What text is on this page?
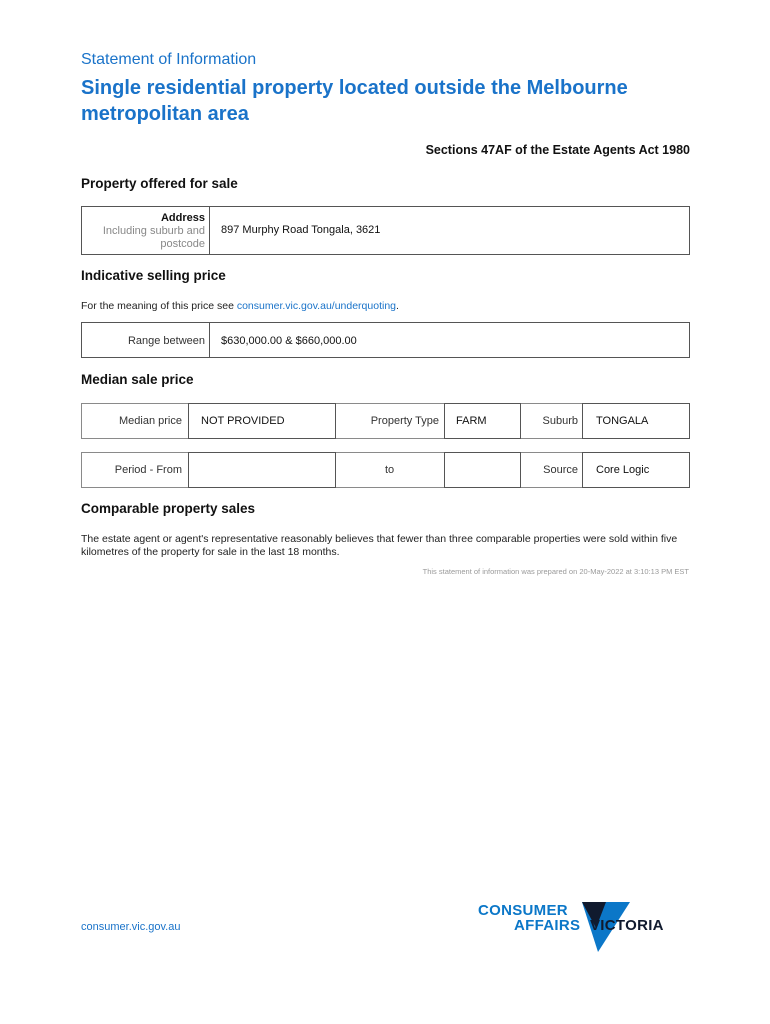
Statement of Information
Single residential property located outside the Melbourne metropolitan area
Sections 47AF of the Estate Agents Act 1980
Property offered for sale
Address
Including suburb and
postcode
897 Murphy Road Tongala, 3621
Indicative selling price
For the meaning of this price see consumer.vic.gov.au/underquoting.
Range between $630,000.00 & $660,000.00
Median sale price
Median price NOT PROVIDED	Property Type FARM	Suburb TONGALA
Period - From	to	Source Core Logic
Comparable property sales
The estate agent or agent's representative reasonably believes that fewer than three comparable properties were sold within five kilometres of the property for sale in the last 18 months.
This statement of information was prepared on 20-May-2022 at 3:10:13 PM EST
consumer.vic.gov.au
CONSUMER
AFFAIRS VICTORIA
